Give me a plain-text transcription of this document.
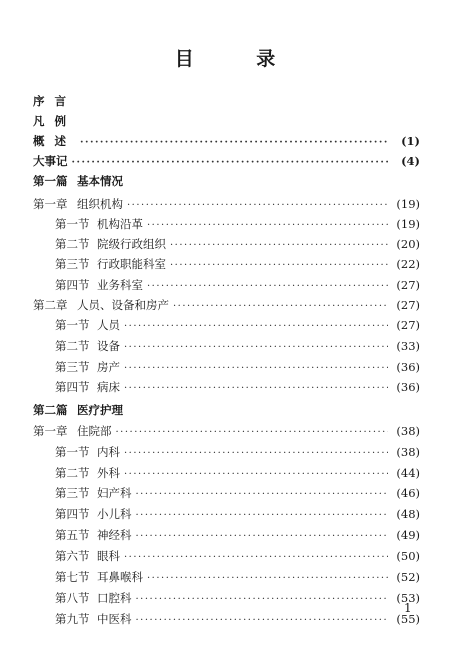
目 录
序言
凡例
概述 ·····	(1)
大事记 ·····	(4)
第一篇 基本情况
第一章 组织机构 ·····	(19)
第一节 机构沿革 ·····	(19)
第二节 院级行政组织 ·····	(20)
第三节 行政职能科室 ·····	(22)
第四节 业务科室 ·····	(27)
第二章 人员、设备和房产 ·····	(27)
第一节 人员 ·····	(27)
第二节 设备 ·····	(33)
第三节 房产 ·····	(36)
第四节 病床 ·····	(36)
第二篇 医疗护理
第一章 住院部 ·····	(38)
第一节 内科 ·····	(38)
第二节 外科 ·····	(44)
第三节 妇产科 ·····	(46)
第四节 小儿科 ·····	(48)
第五节 神经科 ·····	(49)
第六节 眼科 ·····	(50)
第七节 耳鼻喉科 ·····	(52)
第八节 口腔科 ·····	(53)
第九节 中医科 ·····	(55)
1
